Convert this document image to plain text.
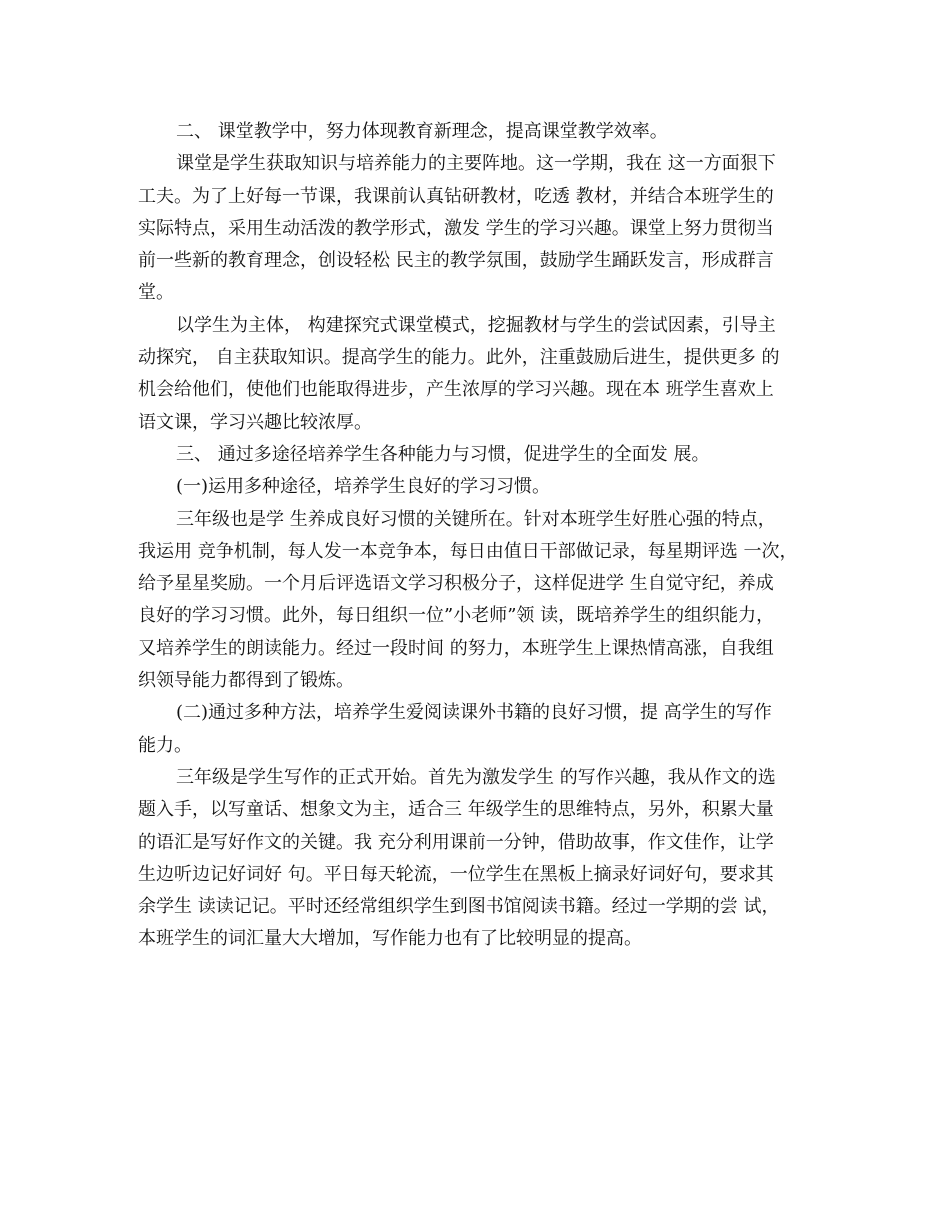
二、 课堂教学中，努力体现教育新理念，提高课堂教学效率。
课堂是学生获取知识与培养能力的主要阵地。这一学期，我在 这一方面狠下
工夫。为了上好每一节课，我课前认真钻研教材，吃透 教材，并结合本班学生的
实际特点，采用生动活泼的教学形式，激发 学生的学习兴趣。课堂上努力贯彻当
前一些新的教育理念，创设轻松 民主的教学氛围，鼓励学生踊跃发言，形成群言
堂。
以学生为主体， 构建探究式课堂模式，挖掘教材与学生的尝试因素，引导主
动探究， 自主获取知识。提高学生的能力。此外，注重鼓励后进生，提供更多 的
机会给他们，使他们也能取得进步，产生浓厚的学习兴趣。现在本 班学生喜欢上
语文课，学习兴趣比较浓厚。
三、 通过多途径培养学生各种能力与习惯，促进学生的全面发 展。
(一)运用多种途径，培养学生良好的学习习惯。
三年级也是学 生养成良好习惯的关键所在。针对本班学生好胜心强的特点，
我运用 竞争机制，每人发一本竞争本，每日由值日干部做记录，每星期评选 一次，
给予星星奖励。一个月后评选语文学习积极分子，这样促进学 生自觉守纪，养成
良好的学习习惯。此外，每日组织一位”小老师”领 读，既培养学生的组织能力，
又培养学生的朗读能力。经过一段时间 的努力，本班学生上课热情高涨，自我组
织领导能力都得到了锻炼。
(二)通过多种方法，培养学生爱阅读课外书籍的良好习惯，提 高学生的写作
能力。
三年级是学生写作的正式开始。首先为激发学生 的写作兴趣，我从作文的选
题入手，以写童话、想象文为主，适合三 年级学生的思维特点，另外，积累大量
的语汇是写好作文的关键。我 充分利用课前一分钟，借助故事，作文佳作，让学
生边听边记好词好 句。平日每天轮流，一位学生在黑板上摘录好词好句，要求其
余学生 读读记记。平时还经常组织学生到图书馆阅读书籍。经过一学期的尝 试，
本班学生的词汇量大大增加，写作能力也有了比较明显的提高。
